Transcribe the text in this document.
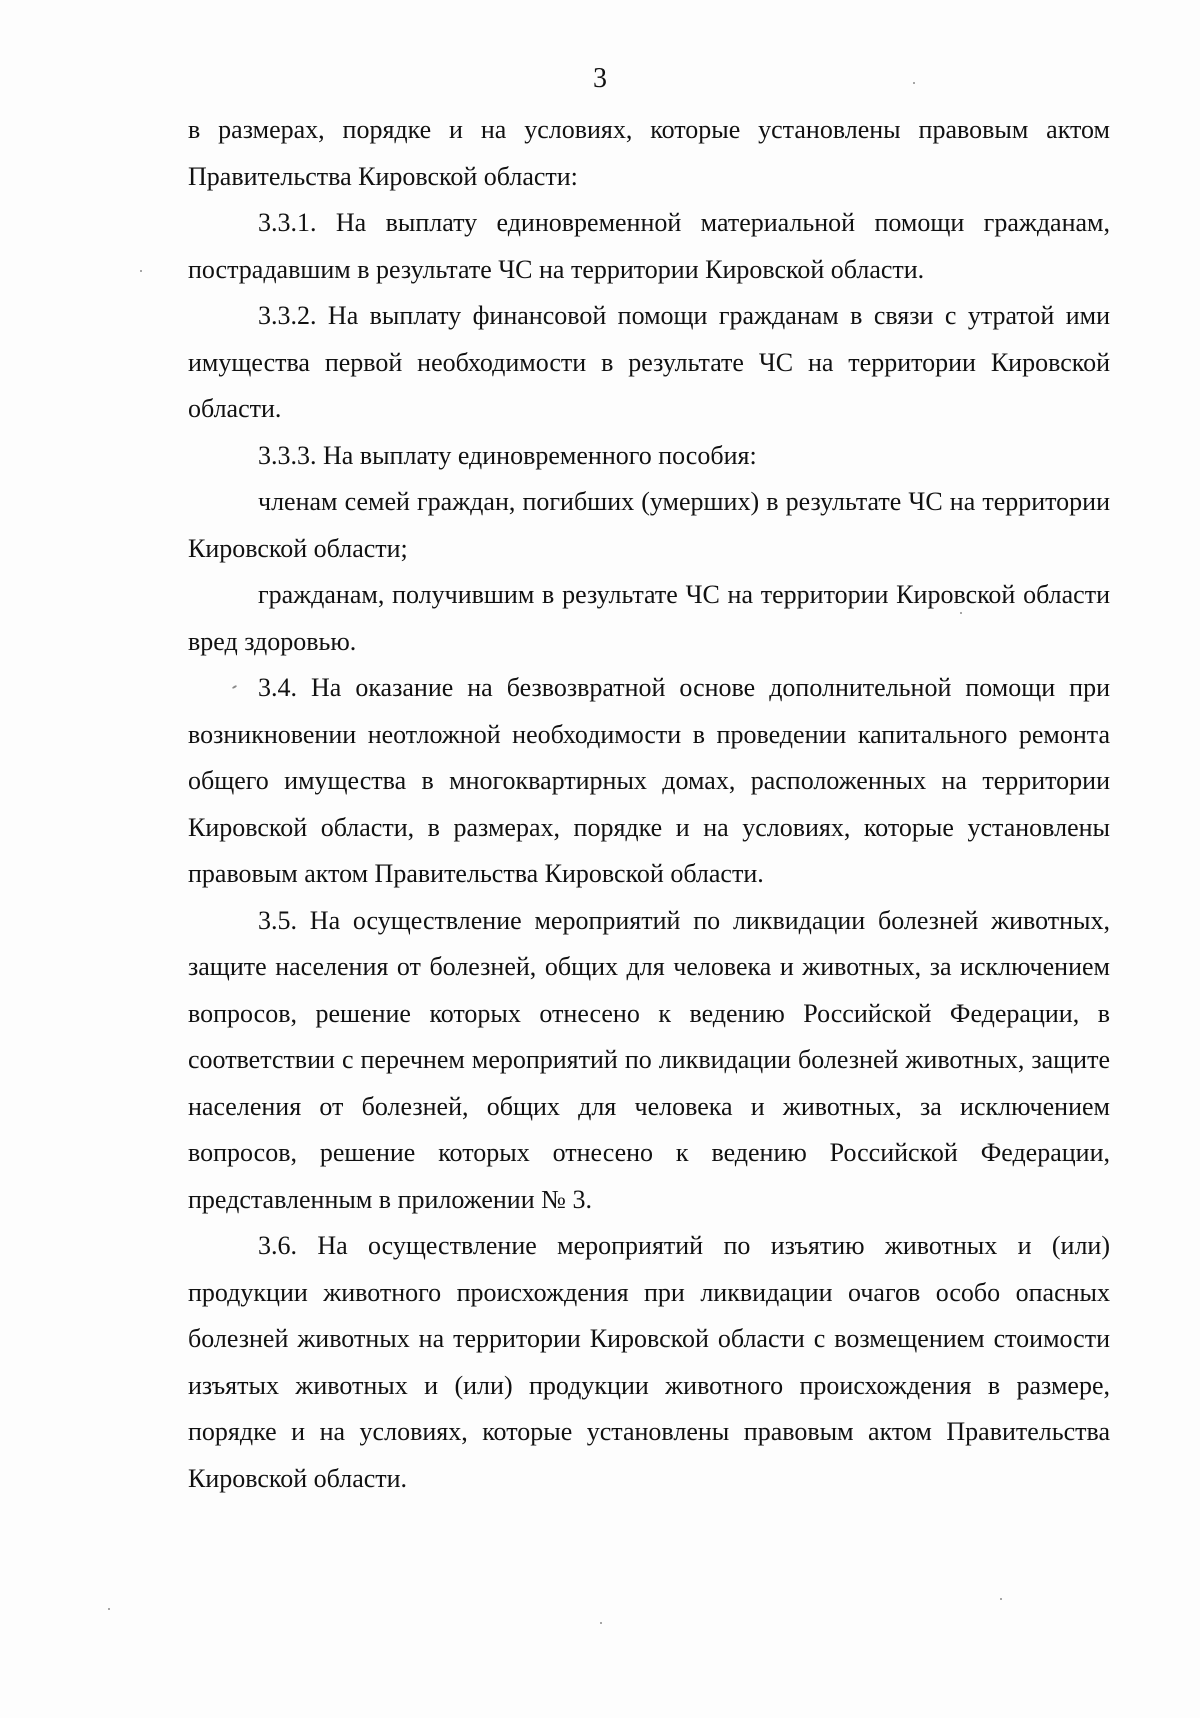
3

в размерах, порядке и на условиях, которые установлены правовым актом Правительства Кировской области:

3.3.1. На выплату единовременной материальной помощи гражданам, пострадавшим в результате ЧС на территории Кировской области.

3.3.2. На выплату финансовой помощи гражданам в связи с утратой ими имущества первой необходимости в результате ЧС на территории Кировской области.

3.3.3. На выплату единовременного пособия:

членам семей граждан, погибших (умерших) в результате ЧС на территории Кировской области;

гражданам, получившим в результате ЧС на территории Кировской области вред здоровью.

3.4. На оказание на безвозвратной основе дополнительной помощи при возникновении неотложной необходимости в проведении капитального ремонта общего имущества в многоквартирных домах, расположенных на территории Кировской области, в размерах, порядке и на условиях, которые установлены правовым актом Правительства Кировской области.

3.5. На осуществление мероприятий по ликвидации болезней животных, защите населения от болезней, общих для человека и животных, за исключением вопросов, решение которых отнесено к ведению Российской Федерации, в соответствии с перечнем мероприятий по ликвидации болезней животных, защите населения от болезней, общих для человека и животных, за исключением вопросов, решение которых отнесено к ведению Российской Федерации, представленным в приложении № 3.

3.6. На осуществление мероприятий по изъятию животных и (или) продукции животного происхождения при ликвидации очагов особо опасных болезней животных на территории Кировской области с возмещением стоимости изъятых животных и (или) продукции животного происхождения в размере, порядке и на условиях, которые установлены правовым актом Правительства Кировской области.
